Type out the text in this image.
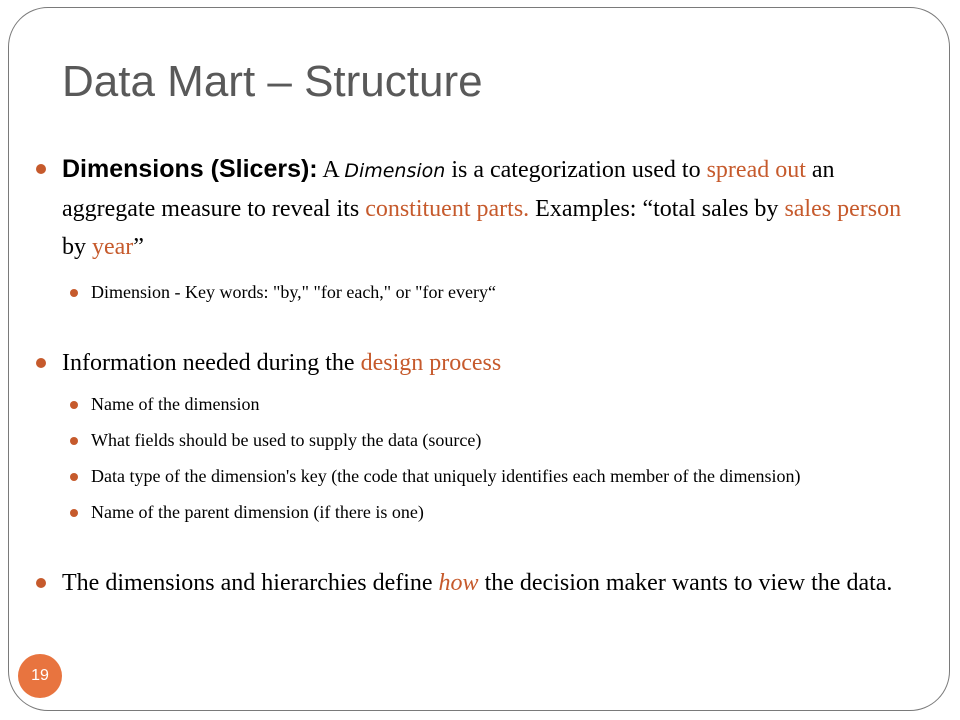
Data Mart – Structure
Dimensions (Slicers): A Dimension is a categorization used to spread out an aggregate measure to reveal its constituent parts. Examples: “total sales by sales person by year”
Dimension - Key words: "by," "for each," or "for every“
Information needed during the design process
Name of the dimension
What fields should be used to supply the data (source)
Data type of the dimension's key (the code that uniquely identifies each member of the dimension)
Name of the parent dimension (if there is one)
The dimensions and hierarchies define how the decision maker wants to view the data.
19
